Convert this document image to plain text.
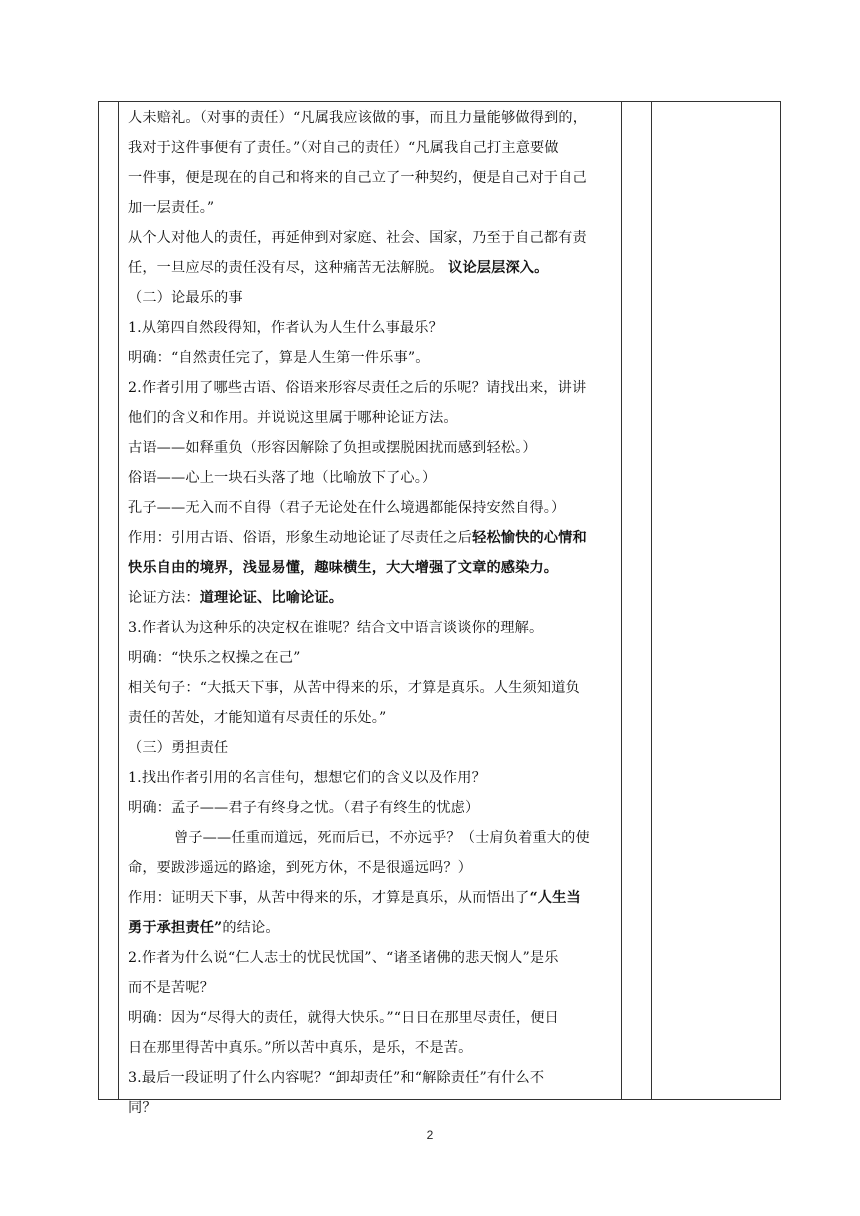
人未赔礼。（对事的责任）“凡属我应该做的事，而且力量能够做得到的，

我对于这件事便有了责任。”（对自己的责任）“凡属我自己打主意要做

一件事，便是现在的自己和将来的自己立了一种契约，便是自己对于自己

加一层责任。”

从个人对他人的责任，再延伸到对家庭、社会、国家，乃至于自己都有责

任，一旦应尽的责任没有尽，这种痛苦无法解脱。 议论层层深入。

（二）论最乐的事

1.从第四自然段得知，作者认为人生什么事最乐？

明确：“自然责任完了，算是人生第一件乐事”。

2.作者引用了哪些古语、俗语来形容尽责任之后的乐呢？请找出来，讲讲

他们的含义和作用。并说说这里属于哪种论证方法。

古语——如释重负（形容因解除了负担或摆脱困扰而感到轻松。）

俗语——心上一块石头落了地（比喻放下了心。）

孔子——无入而不自得（君子无论处在什么境遇都能保持安然自得。）

作用：引用古语、俗语，形象生动地论证了尽责任之后轻松愉快的心情和

快乐自由的境界，浅显易懂，趣味横生，大大增强了文章的感染力。

论证方法：道理论证、比喻论证。

3.作者认为这种乐的决定权在谁呢？结合文中语言谈谈你的理解。

明确：“快乐之权操之在己”

相关句子：“大抵天下事，从苦中得来的乐，才算是真乐。人生须知道负

责任的苦处，才能知道有尽责任的乐处。”

（三）勇担责任

1.找出作者引用的名言佳句，想想它们的含义以及作用？

明确：孟子——君子有终身之忧。（君子有终生的忧虑）

曾子——任重而道远，死而后已，不亦远乎？（士肩负着重大的使

命，要跋涉遥远的路途，到死方休，不是很遥远吗？）

作用：证明天下事，从苦中得来的乐，才算是真乐，从而悟出了“人生当

勇于承担责任”的结论。

2.作者为什么说“仁人志士的忧民忧国”、“诸圣诸佛的悲天悯人”是乐

而不是苦呢？

明确：因为“尽得大的责任，就得大快乐。”“日日在那里尽责任，便日

日在那里得苦中真乐。”所以苦中真乐，是乐，不是苦。

3.最后一段证明了什么内容呢？“卸却责任”和“解除责任”有什么不

同？

2
